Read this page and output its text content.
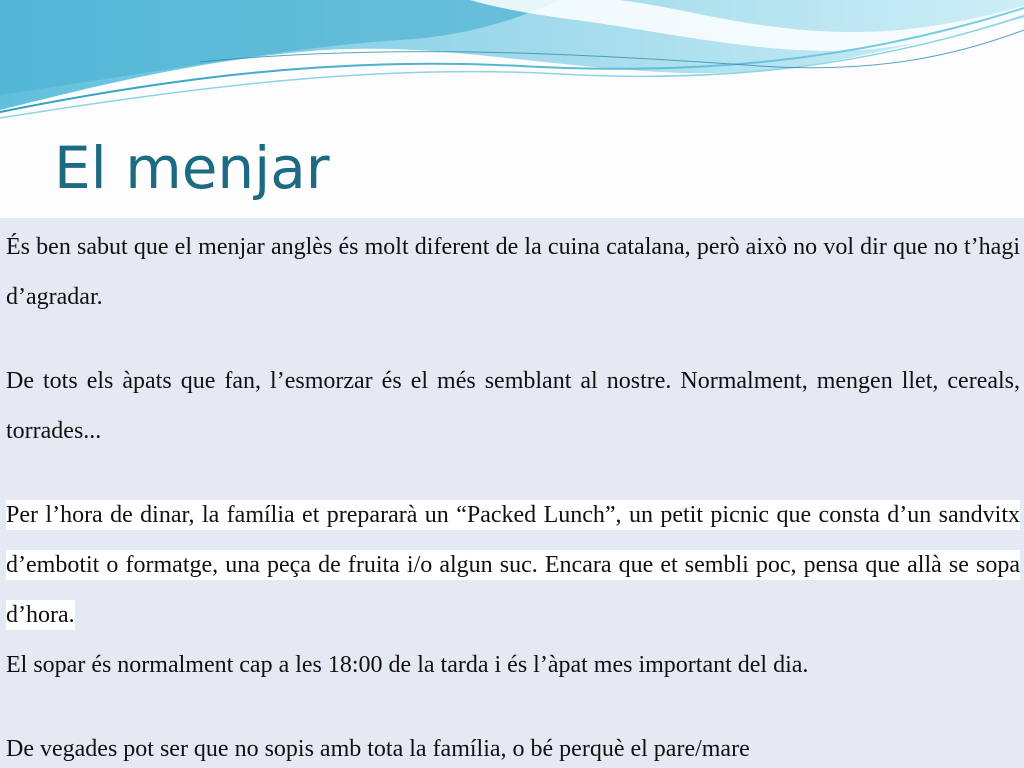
El menjar

És ben sabut que el menjar anglès és molt diferent de la cuina catalana, però això no vol dir que no t’hagi d’agradar.

De tots els àpats que fan, l’esmorzar és el més semblant al nostre. Normalment, mengen llet, cereals, torrades...

Per l’hora de dinar, la família et prepararà un “Packed Lunch”, un petit picnic que consta d’un sandvitx d’embotit o formatge, una peça de fruita i/o algun suc. Encara que et sembli poc, pensa que allà se sopa d’hora.

El sopar és normalment cap a les 18:00 de la tarda i és l’àpat mes important del dia.

De vegades pot ser que no sopis amb tota la família, o bé perquè el pare/mare
